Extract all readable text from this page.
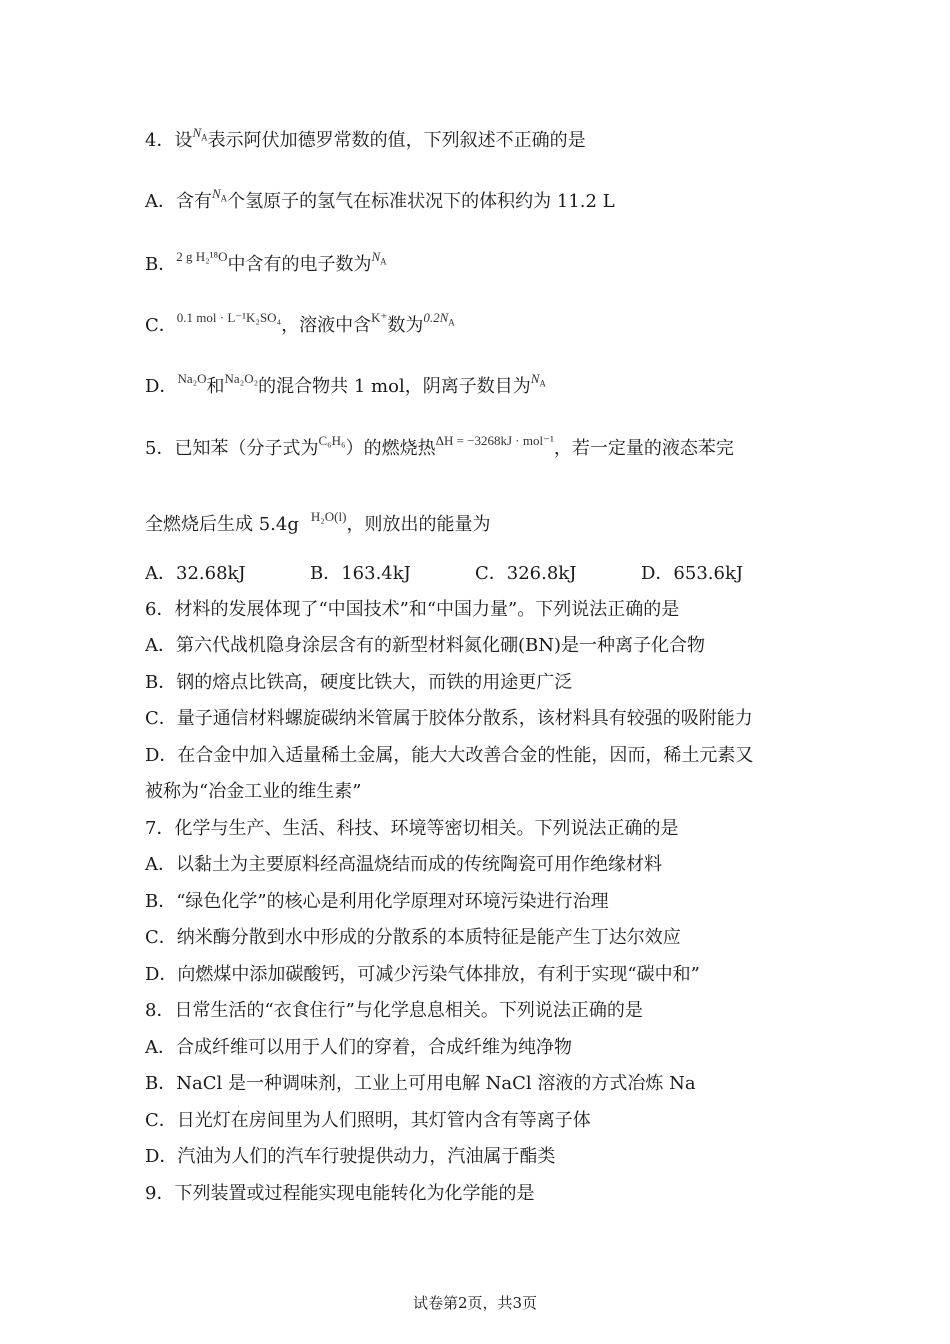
4．设$^{N_A}$表示阿伏加德罗常数的值，下列叙述不正确的是
A．含有$^{N_A}$个氢原子的氢气在标准状况下的体积约为 11.2 L
B．$^{2 g H_2^{18}O}$中含有的电子数为$^{N_A}$
C．$^{0.1 mol \cdot L^{-1}K_2SO_4}$，溶液中含$^{K^+}$数为$^{0.2N_A}$
D．$^{Na_2O}$和$^{Na_2O_2}$的混合物共 1 mol，阴离子数目为$^{N_A}$
5．已知苯（分子式为$^{C_6H_6}$）的燃烧热$^{\Delta H = -3268kJ \cdot mol^{-1}}$，若一定量的液态苯完
全燃烧后生成 5.4g $^{H_2O(l)}$，则放出的能量为
A．32.68kJ	B．163.4kJ	C．326.8kJ	D．653.6kJ
6．材料的发展体现了“中国技术”和“中国力量”。下列说法正确的是
A．第六代战机隐身涂层含有的新型材料氮化硼(BN)是一种离子化合物
B．钢的熔点比铁高，硬度比铁大，而铁的用途更广泛
C．量子通信材料螺旋碳纳米管属于胶体分散系，该材料具有较强的吸附能力
D．在合金中加入适量稀土金属，能大大改善合金的性能，因而，稀土元素又
被称为“冶金工业的维生素”
7．化学与生产、生活、科技、环境等密切相关。下列说法正确的是
A．以黏土为主要原料经高温烧结而成的传统陶瓷可用作绝缘材料
B．“绿色化学”的核心是利用化学原理对环境污染进行治理
C．纳米酶分散到水中形成的分散系的本质特征是能产生丁达尔效应
D．向燃煤中添加碳酸钙，可减少污染气体排放，有利于实现“碳中和”
8．日常生活的“衣食住行”与化学息息相关。下列说法正确的是
A．合成纤维可以用于人们的穿着，合成纤维为纯净物
B．NaCl 是一种调味剂，工业上可用电解 NaCl 溶液的方式冶炼 Na
C．日光灯在房间里为人们照明，其灯管内含有等离子体
D．汽油为人们的汽车行驶提供动力，汽油属于酯类
9．下列装置或过程能实现电能转化为化学能的是
试卷第2页，共3页
